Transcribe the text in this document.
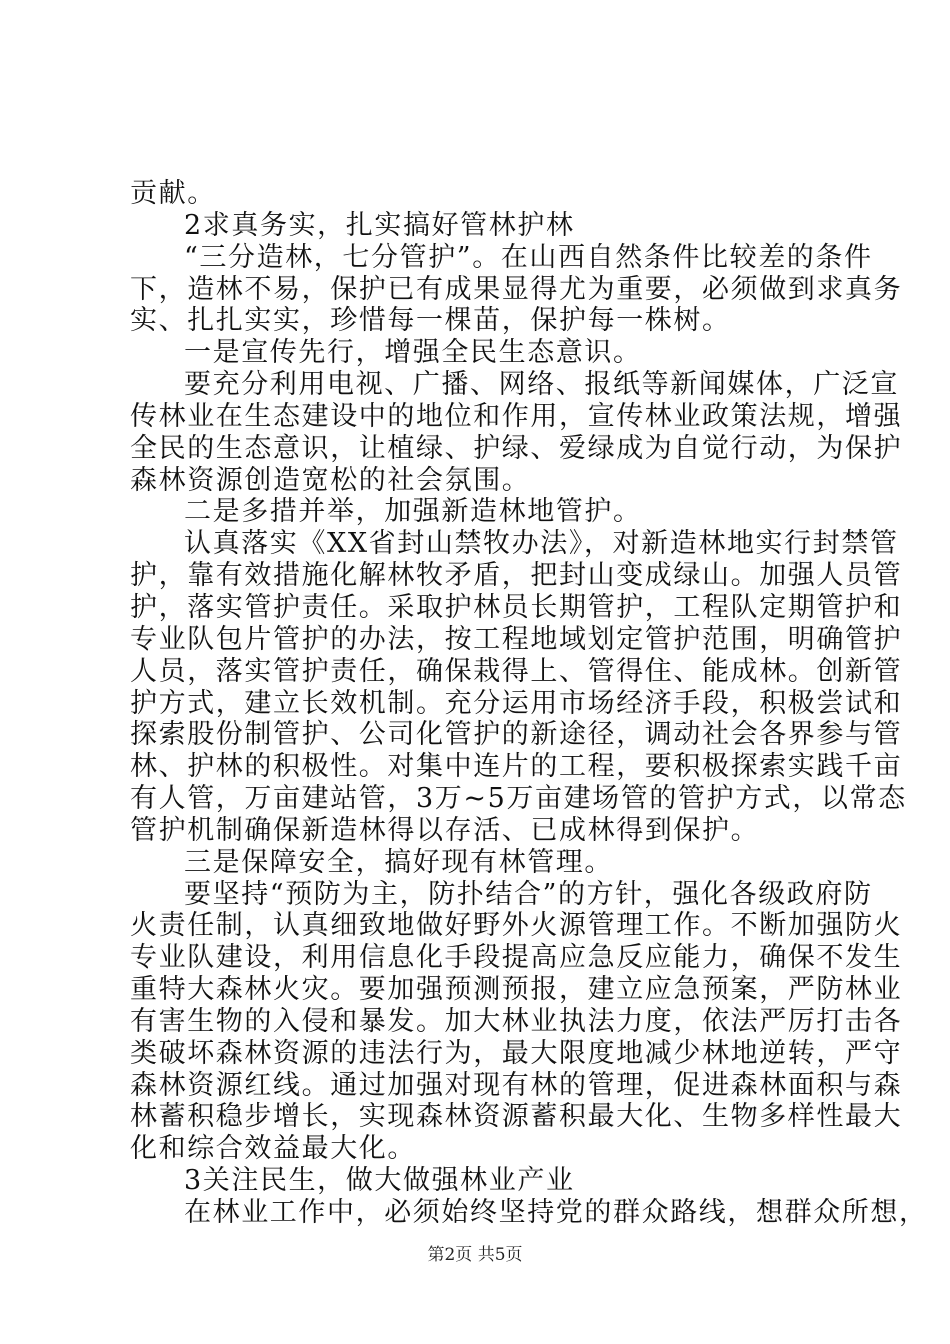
贡献。
2求真务实，扎实搞好管林护林
“三分造林，七分管护”。在山西自然条件比较差的条件
下，造林不易，保护已有成果显得尤为重要，必须做到求真务
实、扎扎实实，珍惜每一棵苗，保护每一株树。
一是宣传先行，增强全民生态意识。
要充分利用电视、广播、网络、报纸等新闻媒体，广泛宣
传林业在生态建设中的地位和作用，宣传林业政策法规，增强
全民的生态意识，让植绿、护绿、爱绿成为自觉行动，为保护
森林资源创造宽松的社会氛围。
二是多措并举，加强新造林地管护。
认真落实《XX省封山禁牧办法》，对新造林地实行封禁管
护，靠有效措施化解林牧矛盾，把封山变成绿山。加强人员管
护，落实管护责任。采取护林员长期管护，工程队定期管护和
专业队包片管护的办法，按工程地域划定管护范围，明确管护
人员，落实管护责任，确保栽得上、管得住、能成林。创新管
护方式，建立长效机制。充分运用市场经济手段，积极尝试和
探索股份制管护、公司化管护的新途径，调动社会各界参与管
林、护林的积极性。对集中连片的工程，要积极探索实践千亩
有人管，万亩建站管，3万~5万亩建场管的管护方式，以常态
管护机制确保新造林得以存活、已成林得到保护。
三是保障安全，搞好现有林管理。
要坚持“预防为主，防扑结合”的方针，强化各级政府防
火责任制，认真细致地做好野外火源管理工作。不断加强防火
专业队建设，利用信息化手段提高应急反应能力，确保不发生
重特大森林火灾。要加强预测预报，建立应急预案，严防林业
有害生物的入侵和暴发。加大林业执法力度，依法严厉打击各
类破坏森林资源的违法行为，最大限度地减少林地逆转，严守
森林资源红线。通过加强对现有林的管理，促进森林面积与森
林蓄积稳步增长，实现森林资源蓄积最大化、生物多样性最大
化和综合效益最大化。
3关注民生，做大做强林业产业
在林业工作中，必须始终坚持党的群众路线，想群众所想，
第2页 共5页
